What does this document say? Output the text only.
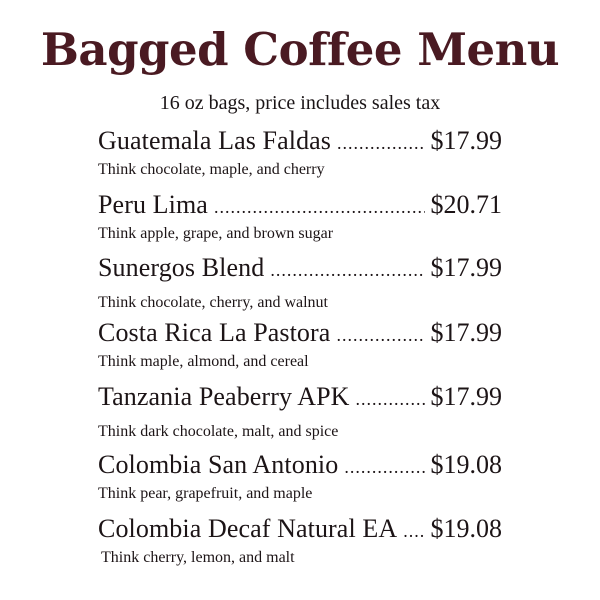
Bagged Coffee Menu
16 oz bags, price includes sales tax
Guatemala Las Faldas .....	$17.99
Think chocolate, maple, and cherry
Peru Lima .....	$20.71
Think apple, grape, and brown sugar
Sunergos Blend .....	$17.99
Think chocolate, cherry, and walnut
Costa Rica La Pastora .....	$17.99
Think maple, almond, and cereal
Tanzania Peaberry APK .....	$17.99
Think dark chocolate, malt, and spice
Colombia San Antonio .....	$19.08
Think pear, grapefruit, and maple
Colombia Decaf Natural EA ..... $19.08
Think cherry, lemon, and malt
